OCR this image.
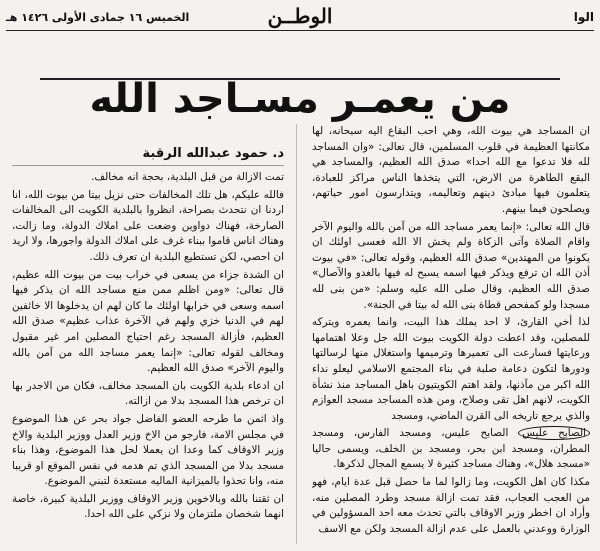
الوا
الوطــن
الخميس ١٦ جمادى الأولى ١٤٢٦ هـ
من يعمـر مسـاجد الله

ان المساجد هي بيوت الله، وهي احب البقاع اليه سبحانه، لها مكانتها العظيمة في قلوب المسلمين، قال تعالى: «وان المساجد لله فلا تدعوا مع الله احدا» صدق الله العظيم، والمساجد هي البقع الطاهرة من الارض، التي يتخذها الناس مراكز للعبادة، يتعلمون فيها مبادئ دينهم وتعاليمه، ويتدارسون امور حياتهم، ويصلحون فيما بينهم.

قال الله تعالى: «إنما يعمر مساجد الله من آمن بالله واليوم الآخر واقام الصلاة وآتى الزكاة ولم يخش الا الله فعسى اولئك ان يكونوا من المهتدين» صدق الله العظيم، وقوله تعالى: «في بيوت أذن الله ان ترفع ويذكر فيها اسمه يسبح له فيها بالغدو والآصال» صدق الله العظيم، وقال صلى الله عليه وسلم: «من بنى لله مسجدا ولو كمفحص قطاة بنى الله له بيتا في الجنة».

لذا أخي القارئ، لا احد يملك هذا البيت، وانما يعمره ويتركه للمصلين، وقد اعطت دولة الكويت بيوت الله جل وعلا اهتمامها ورعايتها فسارعت الى تعميرها وترميمها واستغلال منها لرسالتها ودورها لتكون دعامة صلبة في بناء المجتمع الاسلامي ليعلو نداء الله اكبر من مآذنها، ولقد اهتم الكويتيون باهل المساجد منذ نشأة الكويت، لانهم اهل تقى وصلاح، ومن هذه المساجد مسجد العوازم والذي يرجع تاريخه الى القرن الماضي، ومسجد

الصايح عليس الصايح عليس، ومسجد الفارس، ومسجد المطران، ومسجد ابن بحر، ومسجد بن الخلف، ويسمى حاليا «مسجد هلال»، وهناك مساجد كثيرة لا يسمع المجال لذكرها.

مكذا كان اهل الكويت، وما زالوا لما ما حصل قبل عدة ايام، فهو من العجب العجاب، فقد تمت ازالة مسجد وطرد المصلين منه، وأراد ان اخطر وزير الاوقاف بالتي تحدث معه احد المسؤولين في الوزارة ووعدني بالعمل على عدم ازالة المسجد ولكن مع الاسف

د. حمود عبدالله الرقبة

تمت الازالة من قبل البلدية، بحجة انه مخالف.

فالله عليكم، هل تلك المخالفات حتى نزيل بيتا من بيوت الله، انا اردنا ان نتحدث بصراحة، انظروا بالبلدية الكويت الى المخالفات الصارخة، فهناك دواوين وضعت على املاك الدولة، وما زالت، وهناك اناس قاموا ببناء غرف على املاك الدولة واجورها، ولا اريد ان احصي، لكن تستطيع البلدية ان تعرف ذلك.

ان الشدة جزاء من يسعى في خراب بيت من بيوت الله عظيم، قال تعالى: «ومن اظلم ممن منع مساجد الله ان يذكر فيها اسمه وسعى في خرابها اولئك ما كان لهم ان يدخلوها الا خائفين لهم في الدنيا خزي ولهم في الآخرة عذاب عظيم» صدق الله العظيم، فأزالة المسجد رغم احتياج المصلين امر غير مقبول ومخالف لقوله تعالى: «إنما يعمر مساجد الله من آمن بالله واليوم الآخر» صدق الله العظيم.

ان ادعاء بلدية الكويت بان المسجد مخالف، فكان من الاجدر بها ان ترخص هذا المسجد بدلا من ازالته.

واذ اثمن ما طرحه العضو الفاضل جواد بحر عن هذا الموضوع في مجلس الامة، فارجو من الاخ وزير العدل ووزير البلدية والاخ وزير الاوقاف كما وعدا ان يعملا لحل هذا الموضوع، وهذا بناء مسجد بدلا من المسجد الذي تم هدمه في نفس الموقع او قريبا منه، وانا تحذوا بالميزانية الماليه مستعدة لتبني الموضوع.

ان ثقتنا بالله وبالاخوين وزير الاوقاف ووزير البلدية كبيرة، خاصة انهما شخصان ملتزمان ولا نزكي على الله احدا.
